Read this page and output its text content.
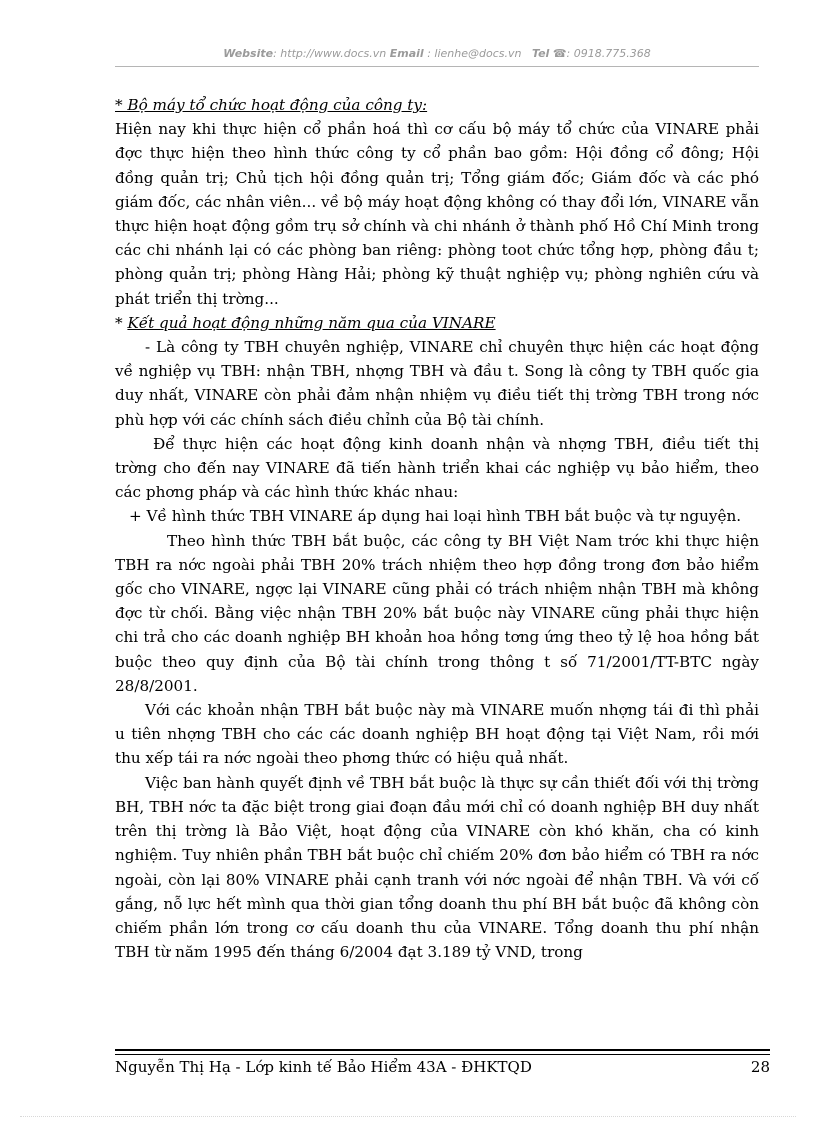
Website: http://www.docs.vn Email : lienhe@docs.vn Tel ☎: 0918.775.368

* Bộ máy tổ chức hoạt động của công ty:

Hiện nay khi thực hiện cổ phần hoá thì cơ cấu bộ máy tổ chức của VINARE phải đợc thực hiện theo hình thức công ty cổ phần bao gồm: Hội đồng cổ đông; Hội đồng quản trị; Chủ tịch hội đồng quản trị; Tổng giám đốc; Giám đốc và các phó giám đốc, các nhân viên... về bộ máy hoạt động không có thay đổi lớn, VINARE vẫn thực hiện hoạt động gồm trụ sở chính và chi nhánh ở thành phố Hồ Chí Minh trong các chi nhánh lại có các phòng ban riêng: phòng toot chức tổng hợp, phòng đầu t; phòng quản trị; phòng Hàng Hải; phòng kỹ thuật nghiệp vụ; phòng nghiên cứu và phát triển thị trờng...

* Kết quả hoạt động những năm qua của VINARE

- Là công ty TBH chuyên nghiệp, VINARE chỉ chuyên thực hiện các hoạt động về nghiệp vụ TBH: nhận TBH, nhợng TBH và đầu t. Song là công ty TBH quốc gia duy nhất, VINARE còn phải đảm nhận nhiệm vụ điều tiết thị trờng TBH trong nớc phù hợp với các chính sách điều chỉnh của Bộ tài chính.

Để thực hiện các hoạt động kinh doanh nhận và nhợng TBH, điều tiết thị trờng cho đến nay VINARE đã tiến hành triển khai các nghiệp vụ bảo hiểm, theo các phơng pháp và các hình thức khác nhau:

+ Về hình thức TBH VINARE áp dụng hai loại hình TBH bắt buộc và tự nguyện.

Theo hình thức TBH bắt buộc, các công ty BH Việt Nam trớc khi thực hiện TBH ra nớc ngoài phải TBH 20% trách nhiệm theo hợp đồng trong đơn bảo hiểm gốc cho VINARE, ngợc lại VINARE cũng phải có trách nhiệm nhận TBH mà không đợc từ chối. Bằng việc nhận TBH 20% bắt buộc này VINARE cũng phải thực hiện chi trả cho các doanh nghiệp BH khoản hoa hồng tơng ứng theo tỷ lệ hoa hồng bắt buộc theo quy định của Bộ tài chính trong thông t số 71/2001/TT-BTC ngày 28/8/2001.

Với các khoản nhận TBH bắt buộc này mà VINARE muốn nhợng tái đi thì phải u tiên nhợng TBH cho các các doanh nghiệp BH hoạt động tại Việt Nam, rồi mới thu xếp tái ra nớc ngoài theo phơng thức có hiệu quả nhất.

Việc ban hành quyết định về TBH bắt buộc là thực sự cần thiết đối với thị trờng BH, TBH nớc ta đặc biệt trong giai đoạn đầu mới chỉ có doanh nghiệp BH duy nhất trên thị trờng là Bảo Việt, hoạt động của VINARE còn khó khăn, cha có kinh nghiệm. Tuy nhiên phần TBH bắt buộc chỉ chiếm 20% đơn bảo hiểm có TBH ra nớc ngoài, còn lại 80% VINARE phải cạnh tranh với nớc ngoài để nhận TBH. Và với cố gắng, nỗ lực hết mình qua thời gian tổng doanh thu phí BH bắt buộc đã không còn chiếm phần lớn trong cơ cấu doanh thu của VINARE. Tổng doanh thu phí nhận TBH từ năm 1995 đến tháng 6/2004 đạt 3.189 tỷ VND, trong

Nguyễn Thị Hạ - Lớp kinh tế Bảo Hiểm 43A - ĐHKTQD	28
